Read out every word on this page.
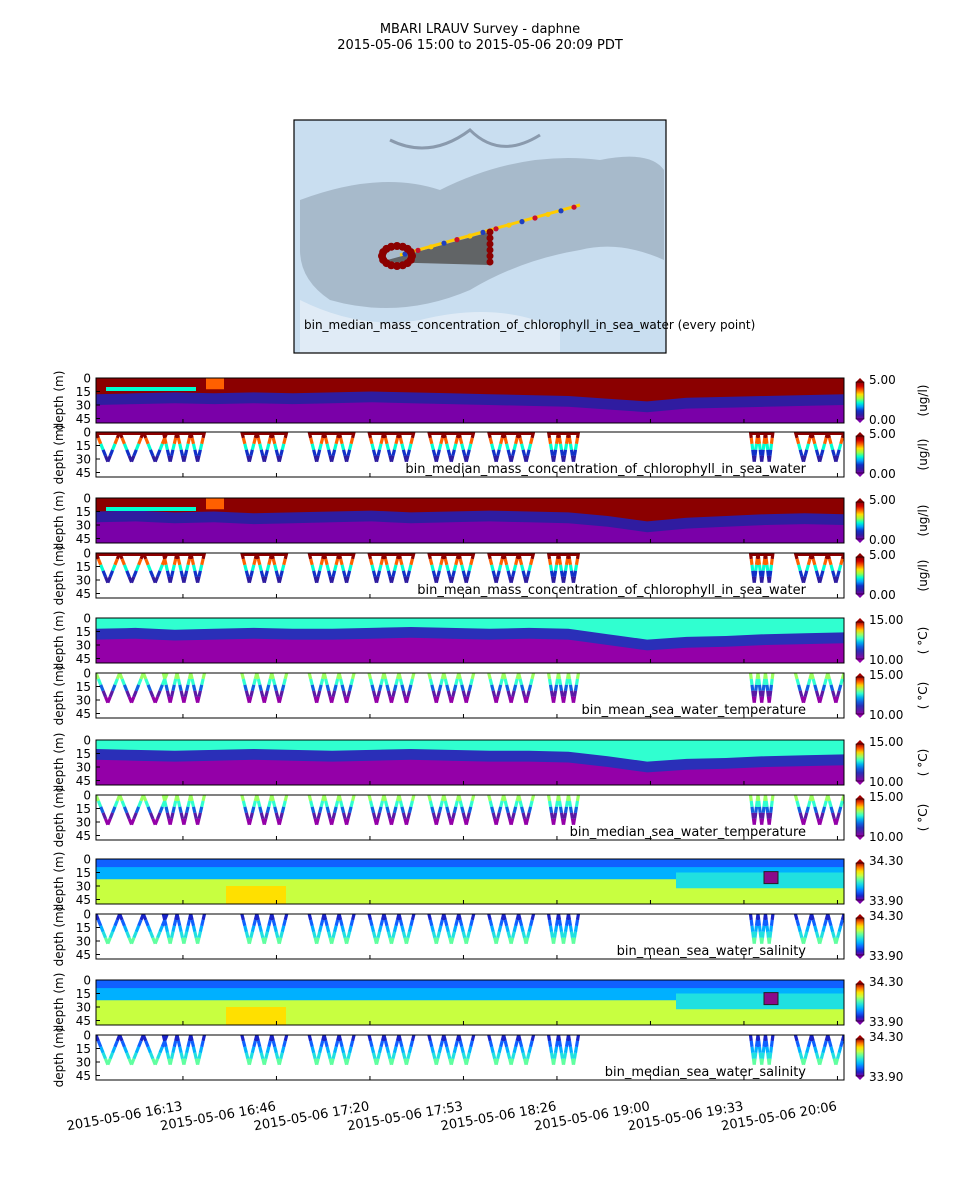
MBARI LRAUV Survey - daphne
2015-05-06 15:00 to 2015-05-06 20:09 PDT
bin_median_mass_concentration_of_chlorophyll_in_sea_water (every point)
0
15
30
45
depth (m)	5.00
0.00
(ug/l)
bin_median_mass_concentration_of_chlorophyll_in_sea_water
0
15
30
45
depth (m)	5.00
0.00
(ug/l)
0
15
30
45
depth (m)	5.00
0.00
(ug/l)
bin_mean_mass_concentration_of_chlorophyll_in_sea_water
0
15
30
45
depth (m)	5.00
0.00
(ug/l)
0
15
30
45
depth (m)	15.00
10.00
( °C)
bin_mean_sea_water_temperature
0
15
30
45
depth (m)	15.00
10.00
( °C)
0
15
30
45
depth (m)	15.00
10.00
( °C)
bin_median_sea_water_temperature
0
15
30
45
depth (m)	15.00
10.00
( °C)
0
15
30
45
depth (m)	34.30
33.90
bin_mean_sea_water_salinity
0
15
30
45
depth (m)	34.30
33.90
0
15
30
45
depth (m)	34.30
33.90
bin_median_sea_water_salinity
0
15
30
45
depth (m)	34.30
33.90
2015-05-06 16:13
2015-05-06 16:46
2015-05-06 17:20
2015-05-06 17:53
2015-05-06 18:26
2015-05-06 19:00
2015-05-06 19:33
2015-05-06 20:06
